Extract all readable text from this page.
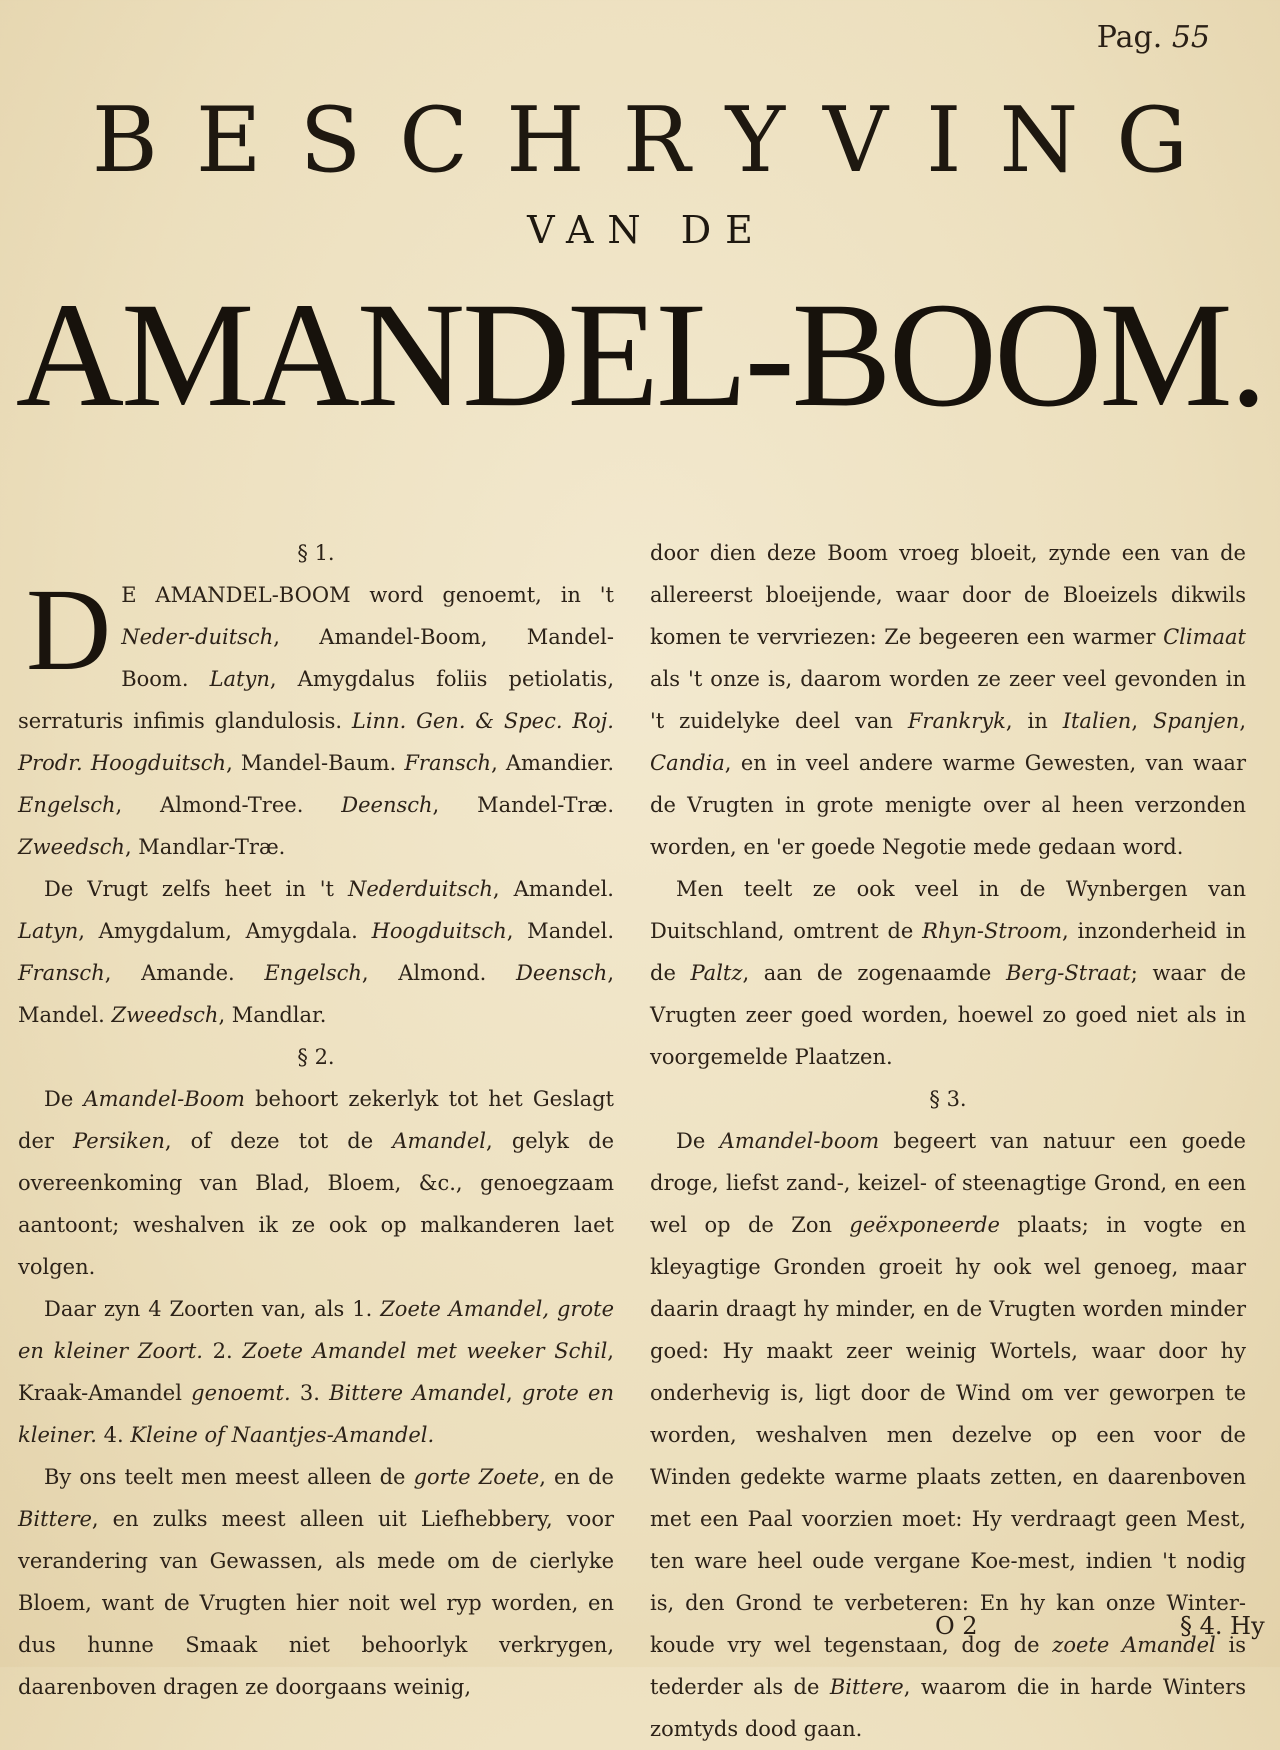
Pag. 55
BESCHRYVING
VAN DE
AMANDEL-BOOM.

§ 1.

D E AMANDEL-BOOM word genoemt, in 't Neder-duitsch, Amandel-Boom, Mandel-Boom. Latyn, Amygdalus foliis petiolatis, serraturis infimis glandulosis. Linn. Gen. & Spec. Roj. Prodr. Hoogduitsch, Mandel-Baum. Fransch, Amandier. Engelsch, Almond-Tree. Deensch, Mandel-Træ. Zweedsch, Mandlar-Træ.

De Vrugt zelfs heet in 't Nederduitsch, Amandel. Latyn, Amygdalum, Amygdala. Hoogduitsch, Mandel. Fransch, Amande. Engelsch, Almond. Deensch, Mandel. Zweedsch, Mandlar.

§ 2.

De Amandel-Boom behoort zekerlyk tot het Geslagt der Persiken, of deze tot de Amandel, gelyk de overeenkoming van Blad, Bloem, &c., genoegzaam aantoont; weshalven ik ze ook op malkanderen laet volgen.

Daar zyn 4 Zoorten van, als 1. Zoete Amandel, grote en kleiner Zoort. 2. Zoete Amandel met weeker Schil, Kraak-Amandel genoemt. 3. Bittere Amandel, grote en kleiner. 4. Kleine of Naantjes-Amandel.

By ons teelt men meest alleen de gorte Zoete, en de Bittere, en zulks meest alleen uit Liefhebbery, voor verandering van Gewassen, als mede om de cierlyke Bloem, want de Vrugten hier noit wel ryp worden, en dus hunne Smaak niet behoorlyk verkrygen, daarenboven dragen ze doorgaans weinig,

door dien deze Boom vroeg bloeit, zynde een van de allereerst bloeijende, waar door de Bloeizels dikwils komen te vervriezen: Ze begeeren een warmer Climaat als 't onze is, daarom worden ze zeer veel gevonden in 't zuidelyke deel van Frankryk, in Italien, Spanjen, Candia, en in veel andere warme Gewesten, van waar de Vrugten in grote menigte over al heen verzonden worden, en 'er goede Negotie mede gedaan word.

Men teelt ze ook veel in de Wynbergen van Duitschland, omtrent de Rhyn-Stroom, inzonderheid in de Paltz, aan de zogenaamde Berg-Straat; waar de Vrugten zeer goed worden, hoewel zo goed niet als in voorgemelde Plaatzen.

§ 3.

De Amandel-boom begeert van natuur een goede droge, liefst zand-, keizel- of steenagtige Grond, en een wel op de Zon geëxponeerde plaats; in vogte en kleyagtige Gronden groeit hy ook wel genoeg, maar daarin draagt hy minder, en de Vrugten worden minder goed: Hy maakt zeer weinig Wortels, waar door hy onderhevig is, ligt door de Wind om ver geworpen te worden, weshalven men dezelve op een voor de Winden gedekte warme plaats zetten, en daarenboven met een Paal voorzien moet: Hy verdraagt geen Mest, ten ware heel oude vergane Koe-mest, indien 't nodig is, den Grond te verbeteren: En hy kan onze Winter-koude vry wel tegenstaan, dog de zoete Amandel is tederder als de Bittere, waarom die in harde Winters zomtyds dood gaan.

O 2	§ 4. Hy
